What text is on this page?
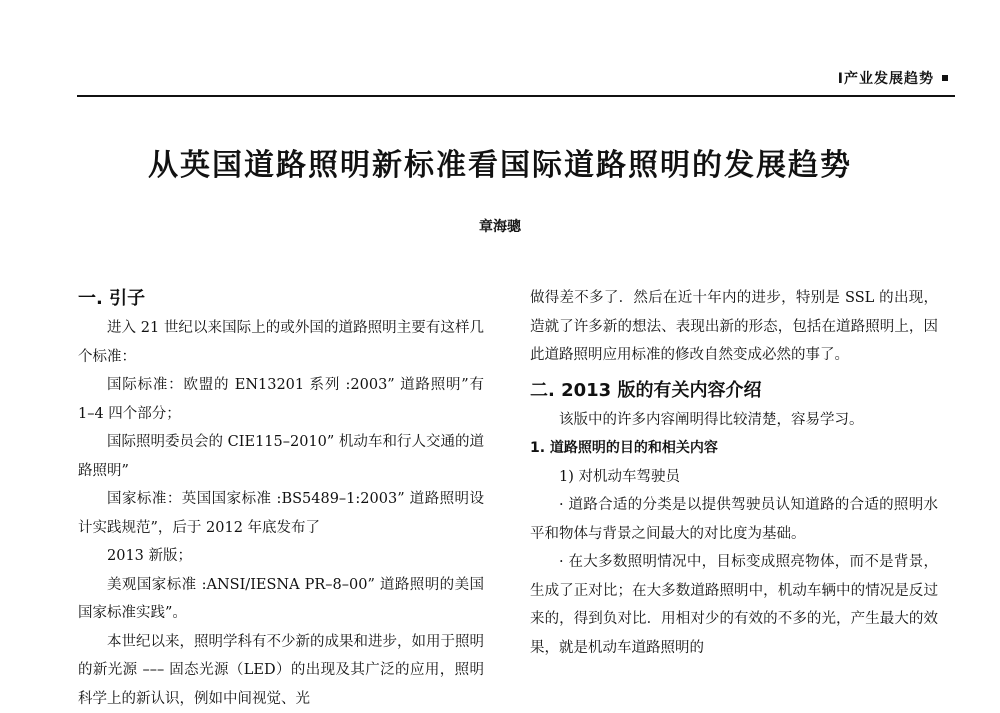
Ⅰ产业发展趋势
从英国道路照明新标准看国际道路照明的发展趋势
章海骢

一. 引子

进入 21 世纪以来国际上的或外国的道路照明主要有这样几个标准：

国际标准：欧盟的 EN13201 系列 :2003” 道路照明”有 1–4 四个部分；

国际照明委员会的 CIE115–2010” 机动车和行人交通的道路照明”

国家标准：英国国家标准 :BS5489–1:2003” 道路照明设计实践规范”，后于 2012 年底发布了

2013 新版；

美观国家标准 :ANSI/IESNA PR–8–00” 道路照明的美国国家标准实践”。

本世纪以来，照明学科有不少新的成果和进步，如用于照明的新光源 ––– 固态光源（LED）的出现及其广泛的应用，照明科学上的新认识，例如中间视觉、光

做得差不多了．然后在近十年内的进步，特别是 SSL 的出现，造就了许多新的想法、表现出新的形态，包括在道路照明上，因此道路照明应用标准的修改自然变成必然的事了。

二. 2013 版的有关内容介绍

该版中的许多内容阐明得比较清楚，容易学习。

1. 道路照明的目的和相关内容

1) 对机动车驾驶员

· 道路合适的分类是以提供驾驶员认知道路的合适的照明水平和物体与背景之间最大的对比度为基础。

· 在大多数照明情况中，目标变成照亮物体，而不是背景，生成了正对比；在大多数道路照明中，机动车辆中的情况是反过来的，得到负对比．用相对少的有效的不多的光，产生最大的效果，就是机动车道路照明的
